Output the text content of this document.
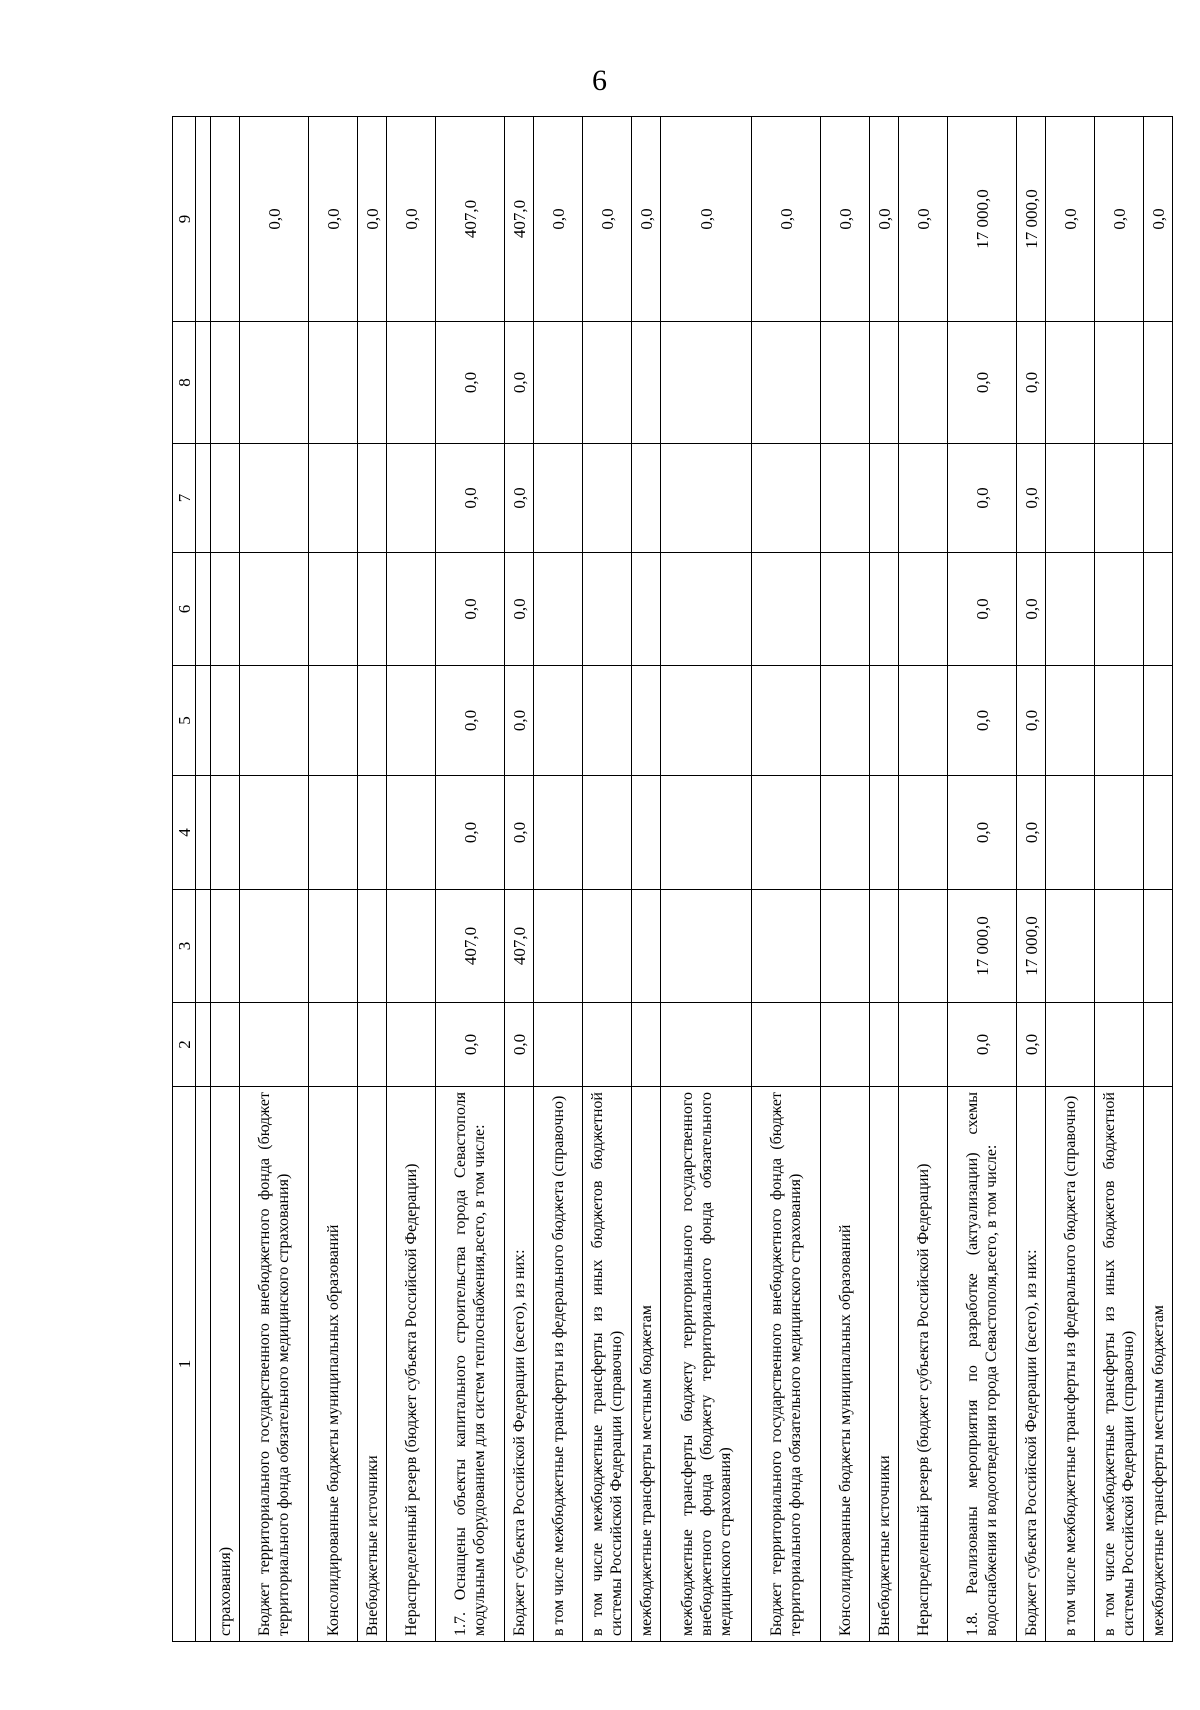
6
1	2	3	4	5	6	7	8	9

страхования)								
Бюджет территориального государственного внебюджетного фонда (бюджет территориального фонда обязательного медицинского страхования)								0,0
Консолидированные бюджеты муниципальных образований								0,0
Внебюджетные источники								0,0
Нераспределенный резерв (бюджет субъекта Российской Федерации)								0,0
1.7. Оснащены объекты капитального строительства города Севастополя модульным оборудованием для систем теплоснабжения,всего, в том числе:	0,0	407,0	0,0	0,0	0,0	0,0	0,0	407,0
Бюджет субъекта Российской Федерации (всего), из них:	0,0	407,0	0,0	0,0	0,0	0,0	0,0	407,0
в том числе межбюджетные трансферты из федерального бюджета (справочно)								0,0
в том числе межбюджетные трансферты из иных бюджетов бюджетной системы Российской Федерации (справочно)								0,0
межбюджетные трансферты местным бюджетам								0,0
межбюджетные трансферты бюджету территориального государственного внебюджетного фонда (бюджету территориального фонда обязательного медицинского страхования)								0,0
Бюджет территориального государственного внебюджетного фонда (бюджет территориального фонда обязательного медицинского страхования)								0,0
Консолидированные бюджеты муниципальных образований								0,0
Внебюджетные источники								0,0
Нераспределенный резерв (бюджет субъекта Российской Федерации)								0,0
1.8. Реализованы мероприятия по разработке (актуализации) схемы водоснабжения и водоотведения города Севастополя,всего, в том числе:	0,0	17 000,0	0,0	0,0	0,0	0,0	0,0	17 000,0
Бюджет субъекта Российской Федерации (всего), из них:	0,0	17 000,0	0,0	0,0	0,0	0,0	0,0	17 000,0
в том числе межбюджетные трансферты из федерального бюджета (справочно)								0,0
в том числе межбюджетные трансферты из иных бюджетов бюджетной системы Российской Федерации (справочно)								0,0
межбюджетные трансферты местным бюджетам								0,0
